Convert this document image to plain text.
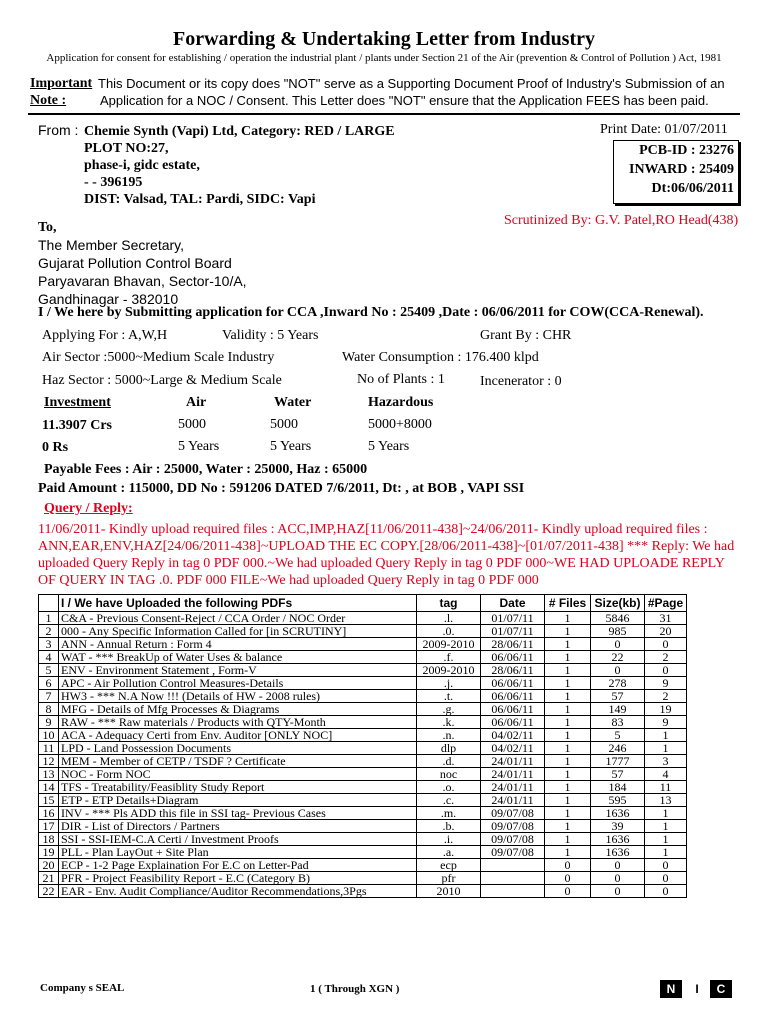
Forwarding & Undertaking Letter from Industry
Application for consent for establishing / operation the industrial plant / plants under Section 21 of the Air (prevention & Control of Pollution ) Act, 1981
Important
Note :
This Document or its copy does "NOT" serve as a Supporting Document Proof of Industry's Submission of an
Application for a NOC / Consent. This Letter does "NOT" ensure that the Application FEES has been paid.
From : Chemie Synth (Vapi) Ltd, Category: RED / LARGE
PLOT NO:27,
phase-i, gidc estate,
- - 396195
DIST: Valsad, TAL: Pardi, SIDC: Vapi
Print Date: 01/07/2011
PCB-ID : 23276
INWARD : 25409
Dt:06/06/2011
Scrutinized By: G.V. Patel,RO Head(438)
To,
The Member Secretary,
Gujarat Pollution Control Board
Paryavaran Bhavan, Sector-10/A,
Gandhinagar - 382010
I / We here by Submitting application for CCA ,Inward No : 25409 ,Date : 06/06/2011 for COW(CCA-Renewal).
Applying For : A,W,H	Validity : 5 Years	Grant By : CHR
Air Sector :5000~Medium Scale Industry	Water Consumption : 176.400 klpd
Haz Sector : 5000~Large & Medium Scale	No of Plants : 1	Incenerator : 0
Investment	Air	Water	Hazardous
11.3907 Crs	5000	5000	5000+8000
0 Rs	5 Years	5 Years	5 Years
Payable Fees : Air : 25000, Water : 25000, Haz : 65000
Paid Amount : 115000, DD No : 591206 DATED 7/6/2011, Dt: , at BOB , VAPI SSI
Query / Reply:
11/06/2011- Kindly upload required files : ACC,IMP,HAZ[11/06/2011-438]~24/06/2011- Kindly upload required files : ANN,EAR,ENV,HAZ[24/06/2011-438]~UPLOAD THE EC COPY.[28/06/2011-438]~[01/07/2011-438] *** Reply: We had uploaded Query Reply in tag 0 PDF 000.~We had uploaded Query Reply in tag 0 PDF 000~WE HAD UPLOADE REPLY OF QUERY IN TAG .0. PDF 000 FILE~We had uploaded Query Reply in tag 0 PDF 000
	I / We have Uploaded the following PDFs	tag	Date	# Files	Size(kb)	#Page
1	C&A - Previous Consent-Reject / CCA Order / NOC Order	.l.	01/07/11	1	5846	31
2	000 - Any Specific Information Called for [in SCRUTINY]	.0.	01/07/11	1	985	20
3	ANN - Annual Return : Form 4	2009-2010	28/06/11	1	0	0
4	WAT - *** BreakUp of Water Uses & balance	.f.	06/06/11	1	22	2
5	ENV - Environment Statement , Form-V	2009-2010	28/06/11	1	0	0
6	APC - Air Pollution Control Measures-Details	.j.	06/06/11	1	278	9
7	HW3 - *** N.A Now !!! (Details of HW - 2008 rules)	.t.	06/06/11	1	57	2
8	MFG - Details of Mfg Processes & Diagrams	.g.	06/06/11	1	149	19
9	RAW - *** Raw materials / Products with QTY-Month	.k.	06/06/11	1	83	9
10	ACA - Adequacy Certi from Env. Auditor [ONLY NOC]	.n.	04/02/11	1	5	1
11	LPD - Land Possession Documents	dlp	04/02/11	1	246	1
12	MEM - Member of CETP / TSDF ? Certificate	.d.	24/01/11	1	1777	3
13	NOC - Form NOC	noc	24/01/11	1	57	4
14	TFS - Treatability/Feasiblity Study Report	.o.	24/01/11	1	184	11
15	ETP - ETP Details+Diagram	.c.	24/01/11	1	595	13
16	INV - *** Pls ADD this file in SSI tag- Previous Cases	.m.	09/07/08	1	1636	1
17	DIR - List of Directors / Partners	.b.	09/07/08	1	39	1
18	SSI - SSI-IEM-C.A Certi / Investment Proofs	.i.	09/07/08	1	1636	1
19	PLL - Plan LayOut + Site Plan	.a.	09/07/08	1	1636	1
20	ECP - 1-2 Page Explaination For E.C on Letter-Pad	ecp		0	0	0
21	PFR - Project Feasibility Report - E.C (Category B)	pfr		0	0	0
22	EAR - Env. Audit Compliance/Auditor Recommendations,3Pgs	2010		0	0	0
Company s SEAL	1 ( Through XGN )	N	I	C
